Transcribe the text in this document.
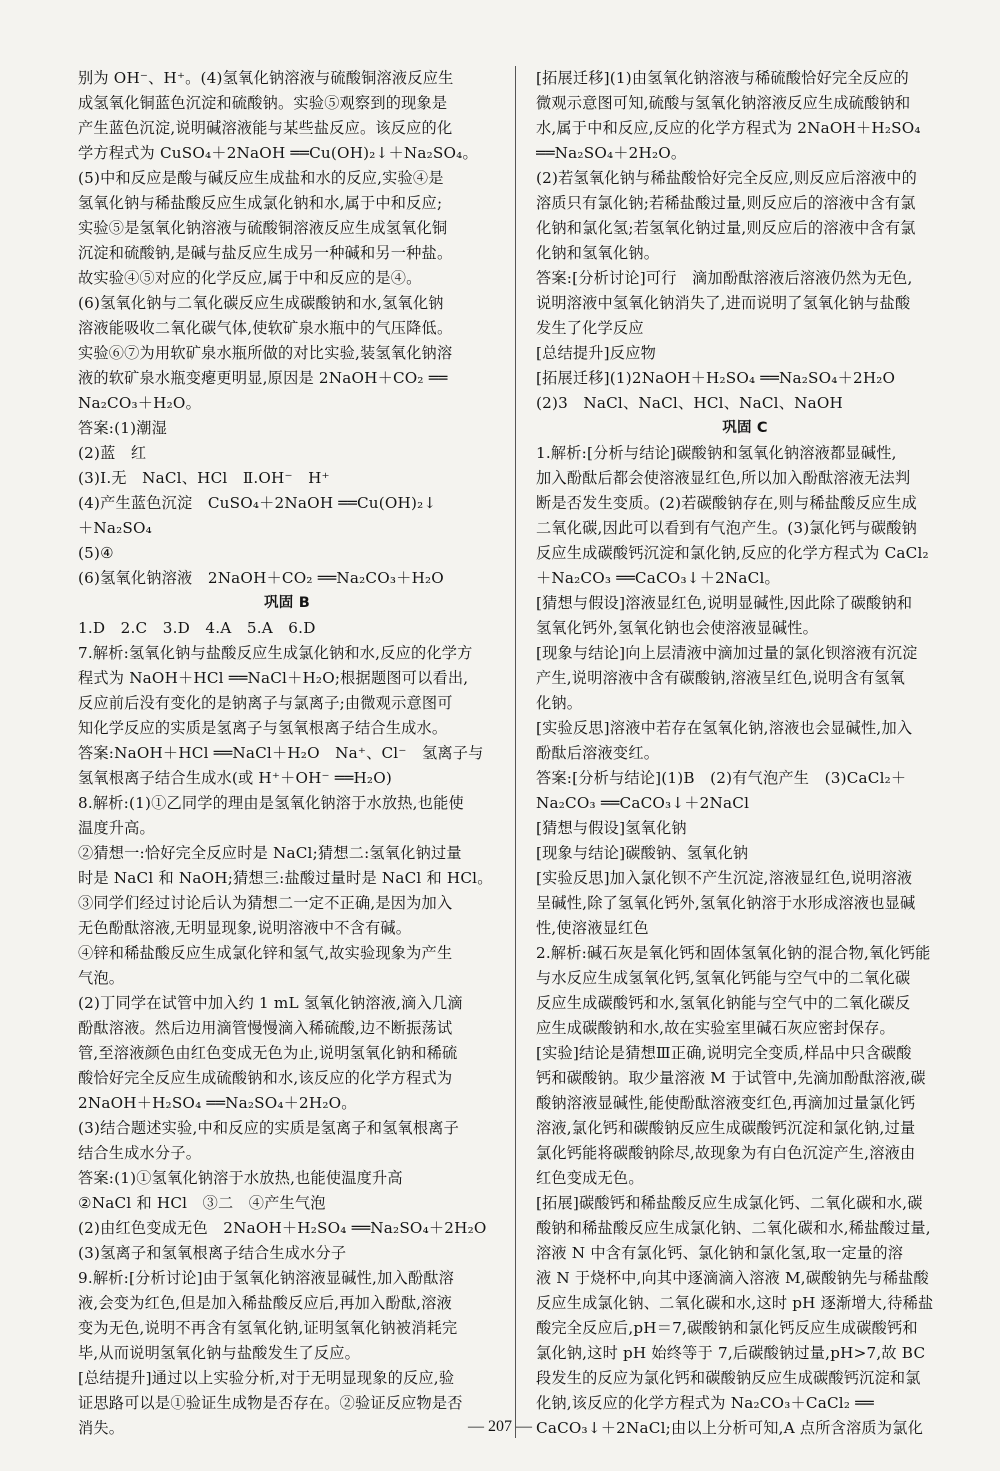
别为 OH⁻、H⁺。(4)氢氧化钠溶液与硫酸铜溶液反应生
成氢氧化铜蓝色沉淀和硫酸钠。实验⑤观察到的现象是
产生蓝色沉淀,说明碱溶液能与某些盐反应。该反应的化
学方程式为 CuSO₄＋2NaOH ══Cu(OH)₂↓＋Na₂SO₄。
(5)中和反应是酸与碱反应生成盐和水的反应,实验④是
氢氧化钠与稀盐酸反应生成氯化钠和水,属于中和反应;
实验⑤是氢氧化钠溶液与硫酸铜溶液反应生成氢氧化铜
沉淀和硫酸钠,是碱与盐反应生成另一种碱和另一种盐。
故实验④⑤对应的化学反应,属于中和反应的是④。
(6)氢氧化钠与二氧化碳反应生成碳酸钠和水,氢氧化钠
溶液能吸收二氧化碳气体,使软矿泉水瓶中的气压降低。
实验⑥⑦为用软矿泉水瓶所做的对比实验,装氢氧化钠溶
液的软矿泉水瓶变瘪更明显,原因是 2NaOH＋CO₂ ══
Na₂CO₃＋H₂O。
答案:(1)潮湿
(2)蓝　红
(3)Ⅰ.无　NaCl、HCl　Ⅱ.OH⁻　H⁺
(4)产生蓝色沉淀　CuSO₄＋2NaOH ══Cu(OH)₂↓
＋Na₂SO₄
(5)④
(6)氢氧化钠溶液　2NaOH＋CO₂ ══Na₂CO₃＋H₂O
巩固 B
1.D　2.C　3.D　4.A　5.A　6.D
7.解析:氢氧化钠与盐酸反应生成氯化钠和水,反应的化学方
程式为 NaOH＋HCl ══NaCl＋H₂O;根据题图可以看出,
反应前后没有变化的是钠离子与氯离子;由微观示意图可
知化学反应的实质是氢离子与氢氧根离子结合生成水。
答案:NaOH＋HCl ══NaCl＋H₂O　Na⁺、Cl⁻　氢离子与
氢氧根离子结合生成水(或 H⁺＋OH⁻ ══H₂O)
8.解析:(1)①乙同学的理由是氢氧化钠溶于水放热,也能使
温度升高。
②猜想一:恰好完全反应时是 NaCl;猜想二:氢氧化钠过量
时是 NaCl 和 NaOH;猜想三:盐酸过量时是 NaCl 和 HCl。
③同学们经过讨论后认为猜想二一定不正确,是因为加入
无色酚酞溶液,无明显现象,说明溶液中不含有碱。
④锌和稀盐酸反应生成氯化锌和氢气,故实验现象为产生
气泡。
(2)丁同学在试管中加入约 1 mL 氢氧化钠溶液,滴入几滴
酚酞溶液。然后边用滴管慢慢滴入稀硫酸,边不断振荡试
管,至溶液颜色由红色变成无色为止,说明氢氧化钠和稀硫
酸恰好完全反应生成硫酸钠和水,该反应的化学方程式为
2NaOH＋H₂SO₄ ══Na₂SO₄＋2H₂O。
(3)结合题述实验,中和反应的实质是氢离子和氢氧根离子
结合生成水分子。
答案:(1)①氢氧化钠溶于水放热,也能使温度升高
②NaCl 和 HCl　③二　④产生气泡
(2)由红色变成无色　2NaOH＋H₂SO₄ ══Na₂SO₄＋2H₂O
(3)氢离子和氢氧根离子结合生成水分子
9.解析:[分析讨论]由于氢氧化钠溶液显碱性,加入酚酞溶
液,会变为红色,但是加入稀盐酸反应后,再加入酚酞,溶液
变为无色,说明不再含有氢氧化钠,证明氢氧化钠被消耗完
毕,从而说明氢氧化钠与盐酸发生了反应。
[总结提升]通过以上实验分析,对于无明显现象的反应,验
证思路可以是①验证生成物是否存在。②验证反应物是否
消失。
[拓展迁移](1)由氢氧化钠溶液与稀硫酸恰好完全反应的
微观示意图可知,硫酸与氢氧化钠溶液反应生成硫酸钠和
水,属于中和反应,反应的化学方程式为 2NaOH＋H₂SO₄
══Na₂SO₄＋2H₂O。
(2)若氢氧化钠与稀盐酸恰好完全反应,则反应后溶液中的
溶质只有氯化钠;若稀盐酸过量,则反应后的溶液中含有氯
化钠和氯化氢;若氢氧化钠过量,则反应后的溶液中含有氯
化钠和氢氧化钠。
答案:[分析讨论]可行　滴加酚酞溶液后溶液仍然为无色,
说明溶液中氢氧化钠消失了,进而说明了氢氧化钠与盐酸
发生了化学反应
[总结提升]反应物
[拓展迁移](1)2NaOH＋H₂SO₄ ══Na₂SO₄＋2H₂O
(2)3　NaCl、NaCl、HCl、NaCl、NaOH
巩固 C
1.解析:[分析与结论]碳酸钠和氢氧化钠溶液都显碱性,
加入酚酞后都会使溶液显红色,所以加入酚酞溶液无法判
断是否发生变质。(2)若碳酸钠存在,则与稀盐酸反应生成
二氧化碳,因此可以看到有气泡产生。(3)氯化钙与碳酸钠
反应生成碳酸钙沉淀和氯化钠,反应的化学方程式为 CaCl₂
＋Na₂CO₃ ══CaCO₃↓＋2NaCl。
[猜想与假设]溶液显红色,说明显碱性,因此除了碳酸钠和
氢氧化钙外,氢氧化钠也会使溶液显碱性。
[现象与结论]向上层清液中滴加过量的氯化钡溶液有沉淀
产生,说明溶液中含有碳酸钠,溶液呈红色,说明含有氢氧
化钠。
[实验反思]溶液中若存在氢氧化钠,溶液也会显碱性,加入
酚酞后溶液变红。
答案:[分析与结论](1)B　(2)有气泡产生　(3)CaCl₂＋
Na₂CO₃ ══CaCO₃↓＋2NaCl
[猜想与假设]氢氧化钠
[现象与结论]碳酸钠、氢氧化钠
[实验反思]加入氯化钡不产生沉淀,溶液显红色,说明溶液
呈碱性,除了氢氧化钙外,氢氧化钠溶于水形成溶液也显碱
性,使溶液显红色
2.解析:碱石灰是氧化钙和固体氢氧化钠的混合物,氧化钙能
与水反应生成氢氧化钙,氢氧化钙能与空气中的二氧化碳
反应生成碳酸钙和水,氢氧化钠能与空气中的二氧化碳反
应生成碳酸钠和水,故在实验室里碱石灰应密封保存。
[实验]结论是猜想Ⅲ正确,说明完全变质,样品中只含碳酸
钙和碳酸钠。取少量溶液 M 于试管中,先滴加酚酞溶液,碳
酸钠溶液显碱性,能使酚酞溶液变红色,再滴加过量氯化钙
溶液,氯化钙和碳酸钠反应生成碳酸钙沉淀和氯化钠,过量
氯化钙能将碳酸钠除尽,故现象为有白色沉淀产生,溶液由
红色变成无色。
[拓展]碳酸钙和稀盐酸反应生成氯化钙、二氧化碳和水,碳
酸钠和稀盐酸反应生成氯化钠、二氧化碳和水,稀盐酸过量,
溶液 N 中含有氯化钙、氯化钠和氯化氢,取一定量的溶
液 N 于烧杯中,向其中逐滴滴入溶液 M,碳酸钠先与稀盐酸
反应生成氯化钠、二氧化碳和水,这时 pH 逐渐增大,待稀盐
酸完全反应后,pH＝7,碳酸钠和氯化钙反应生成碳酸钙和
氯化钠,这时 pH 始终等于 7,后碳酸钠过量,pH>7,故 BC
段发生的反应为氯化钙和碳酸钠反应生成碳酸钙沉淀和氯
化钠,该反应的化学方程式为 Na₂CO₃＋CaCl₂ ══
CaCO₃↓＋2NaCl;由以上分析可知,A 点所含溶质为氯化
— 207 —
